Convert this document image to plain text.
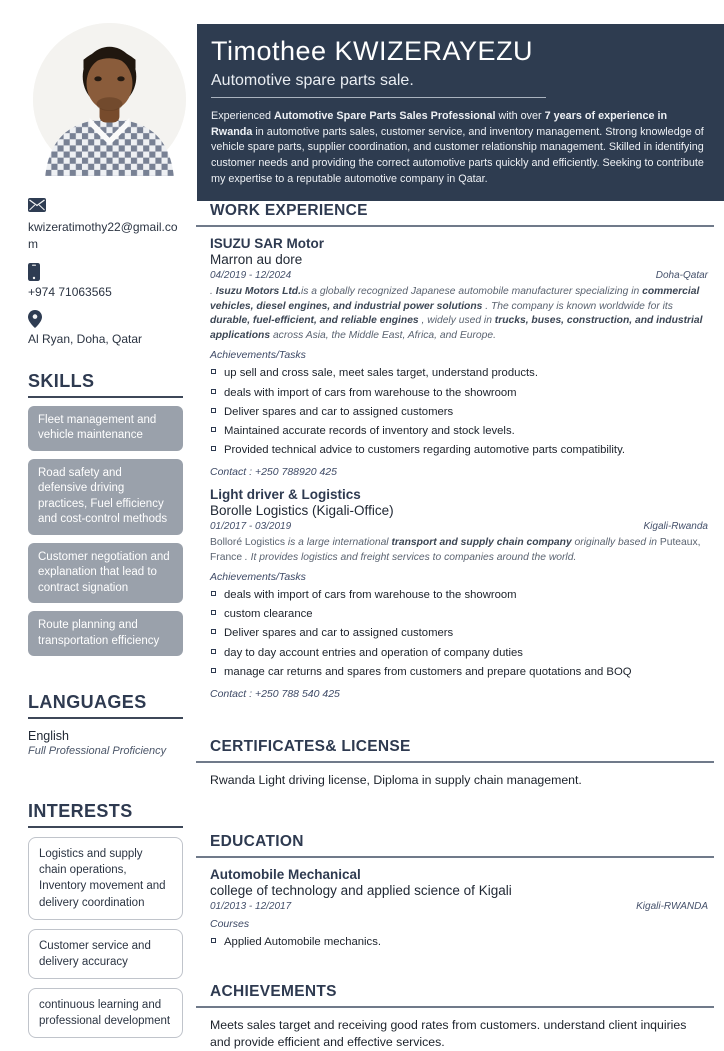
Timothee KWIZERAYEZU
Automotive spare parts sale.
Experienced Automotive Spare Parts Sales Professional with over 7 years of experience in Rwanda in automotive parts sales, customer service, and inventory management. Strong knowledge of vehicle spare parts, supplier coordination, and customer relationship management. Skilled in identifying customer needs and providing the correct automotive parts quickly and efficiently. Seeking to contribute my expertise to a reputable automotive company in Qatar.
kwizeratimothy22@gmail.com
+974 71063565
Al Ryan, Doha, Qatar
SKILLS
Fleet management and vehicle maintenance
Road safety and defensive driving practices, Fuel efficiency and cost-control methods
Customer negotiation and explanation that lead to contract signation
Route planning and transportation efficiency
LANGUAGES
English
Full Professional Proficiency
INTERESTS
Logistics and supply chain operations, Inventory movement and delivery coordination
Customer service and delivery accuracy
continuous learning and professional development
WORK EXPERIENCE
ISUZU SAR Motor
Marron au dore
04/2019 - 12/2024	Doha-Qatar
. Isuzu Motors Ltd.is a globally recognized Japanese automobile manufacturer specializing in commercial vehicles, diesel engines, and industrial power solutions . The company is known worldwide for its durable, fuel-efficient, and reliable engines , widely used in trucks, buses, construction, and industrial applications across Asia, the Middle East, Africa, and Europe.
Achievements/Tasks
up sell and cross sale, meet sales target, understand products.
deals with import of cars from warehouse to the showroom
Deliver spares and car to assigned customers
Maintained accurate records of inventory and stock levels.
Provided technical advice to customers regarding automotive parts compatibility.
Contact : +250 788920 425
Light driver & Logistics
Borolle Logistics (Kigali-Office)
01/2017 - 03/2019	Kigali-Rwanda
Bolloré Logistics is a large international transport and supply chain company originally based in Puteaux, France . It provides logistics and freight services to companies around the world.
Achievements/Tasks
deals with import of cars from warehouse to the showroom
custom clearance
Deliver spares and car to assigned customers
day to day account entries and operation of company duties
manage car returns and spares from customers and prepare quotations and BOQ
Contact : +250 788 540 425
CERTIFICATES& LICENSE
Rwanda Light driving license, Diploma in supply chain management.
EDUCATION
Automobile Mechanical
college of technology and applied science of Kigali
01/2013 - 12/2017	Kigali-RWANDA
Courses
Applied Automobile mechanics.
ACHIEVEMENTS
Meets sales target and receiving good rates from customers. understand client inquiries and provide efficient and effective services.
